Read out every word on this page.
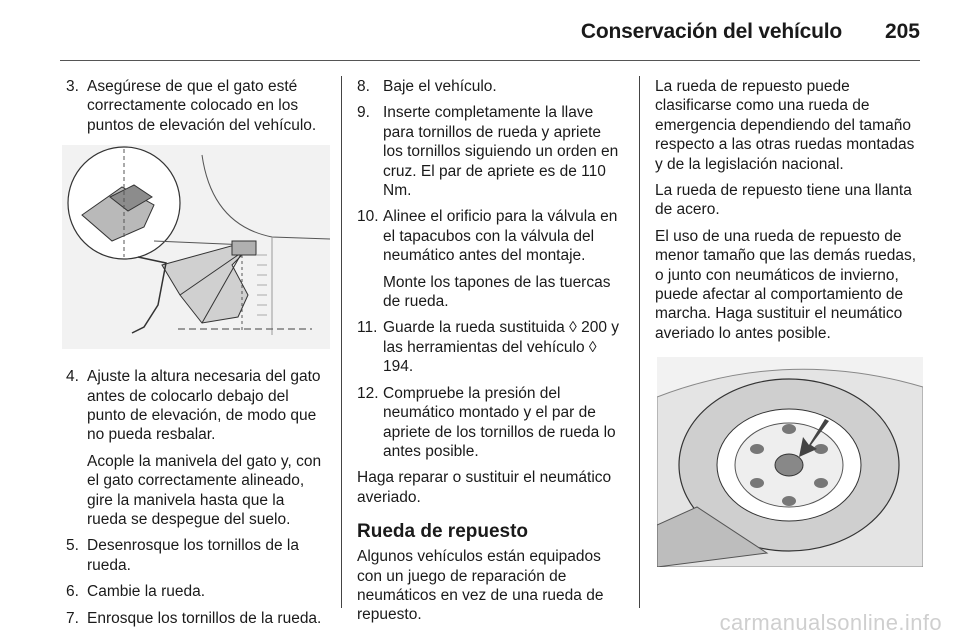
Conservación del vehículo 205
3. Asegúrese de que el gato esté correctamente colocado en los puntos de elevación del vehículo.

4. Ajuste la altura necesaria del gato antes de colocarlo debajo del punto de elevación, de modo que no pueda resbalar.

Acople la manivela del gato y, con el gato correctamente alineado, gire la manivela hasta que la rueda se despegue del suelo.

5. Desenrosque los tornillos de la rueda.

6. Cambie la rueda.

7. Enrosque los tornillos de la rueda.

8. Baje el vehículo.

9. Inserte completamente la llave para tornillos de rueda y apriete los tornillos siguiendo un orden en cruz. El par de apriete es de 110 Nm.

10. Alinee el orificio para la válvula en el tapacubos con la válvula del neumático antes del montaje.

Monte los tapones de las tuercas de rueda.

11. Guarde la rueda sustituida ◊ 200 y las herramientas del vehículo ◊ 194.

12. Compruebe la presión del neumático montado y el par de apriete de los tornillos de rueda lo antes posible.

Haga reparar o sustituir el neumático averiado.

Rueda de repuesto

Algunos vehículos están equipados con un juego de reparación de neumáticos en vez de una rueda de repuesto.

La rueda de repuesto puede clasificarse como una rueda de emergencia dependiendo del tamaño respecto a las otras ruedas montadas y de la legislación nacional.

La rueda de repuesto tiene una llanta de acero.

El uso de una rueda de repuesto de menor tamaño que las demás ruedas, o junto con neumáticos de invierno, puede afectar al comportamiento de marcha. Haga sustituir el neumático averiado lo antes posible.

carmanualsonline.info
